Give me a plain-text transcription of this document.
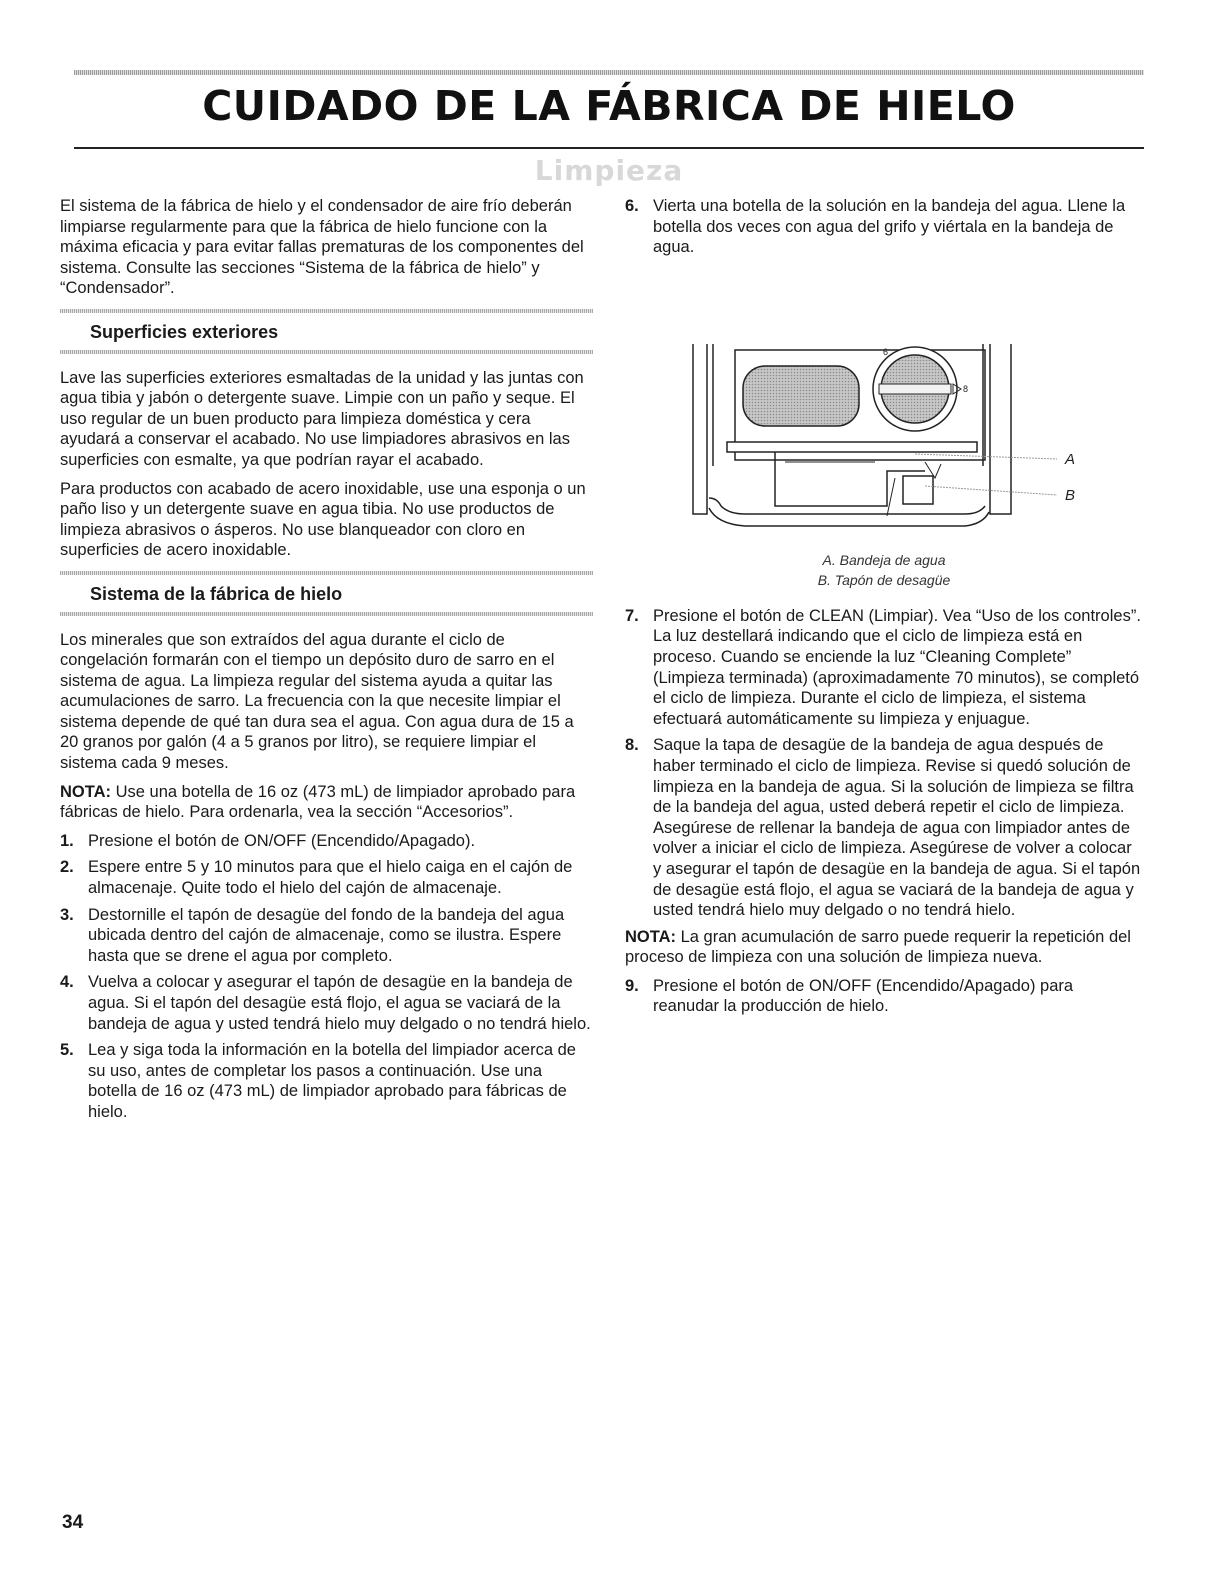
CUIDADO DE LA FÁBRICA DE HIELO
Limpieza

El sistema de la fábrica de hielo y el condensador de aire frío deberán limpiarse regularmente para que la fábrica de hielo funcione con la máxima eficacia y para evitar fallas prematuras de los componentes del sistema. Consulte las secciones “Sistema de la fábrica de hielo” y “Condensador”.

Superficies exteriores

Lave las superficies exteriores esmaltadas de la unidad y las juntas con agua tibia y jabón o detergente suave. Limpie con un paño y seque. El uso regular de un buen producto para limpieza doméstica y cera ayudará a conservar el acabado. No use limpiadores abrasivos en las superficies con esmalte, ya que podrían rayar el acabado.

Para productos con acabado de acero inoxidable, use una esponja o un paño liso y un detergente suave en agua tibia. No use productos de limpieza abrasivos o ásperos. No use blanqueador con cloro en superficies de acero inoxidable.

Sistema de la fábrica de hielo

Los minerales que son extraídos del agua durante el ciclo de congelación formarán con el tiempo un depósito duro de sarro en el sistema de agua. La limpieza regular del sistema ayuda a quitar las acumulaciones de sarro. La frecuencia con la que necesite limpiar el sistema depende de qué tan dura sea el agua. Con agua dura de 15 a 20 granos por galón (4 a 5 granos por litro), se requiere limpiar el sistema cada 9 meses.

NOTA: Use una botella de 16 oz (473 mL) de limpiador aprobado para fábricas de hielo. Para ordenarla, vea la sección “Accesorios”.

1. Presione el botón de ON/OFF (Encendido/Apagado).
2. Espere entre 5 y 10 minutos para que el hielo caiga en el cajón de almacenaje. Quite todo el hielo del cajón de almacenaje.
3. Destornille el tapón de desagüe del fondo de la bandeja del agua ubicada dentro del cajón de almacenaje, como se ilustra. Espere hasta que se drene el agua por completo.
4. Vuelva a colocar y asegurar el tapón de desagüe en la bandeja de agua. Si el tapón del desagüe está flojo, el agua se vaciará de la bandeja de agua y usted tendrá hielo muy delgado o no tendrá hielo.
5. Lea y siga toda la información en la botella del limpiador acerca de su uso, antes de completar los pasos a continuación. Use una botella de 16 oz (473 mL) de limpiador aprobado para fábricas de hielo.
6. Vierta una botella de la solución en la bandeja del agua. Llene la botella dos veces con agua del grifo y viértala en la bandeja de agua.
6
8
A
B
A. Bandeja de agua
B. Tapón de desagüe
7. Presione el botón de CLEAN (Limpiar). Vea “Uso de los controles”. La luz destellará indicando que el ciclo de limpieza está en proceso. Cuando se enciende la luz “Cleaning Complete” (Limpieza terminada) (aproximadamente 70 minutos), se completó el ciclo de limpieza. Durante el ciclo de limpieza, el sistema efectuará automáticamente su limpieza y enjuague.
8. Saque la tapa de desagüe de la bandeja de agua después de haber terminado el ciclo de limpieza. Revise si quedó solución de limpieza en la bandeja de agua. Si la solución de limpieza se filtra de la bandeja del agua, usted deberá repetir el ciclo de limpieza. Asegúrese de rellenar la bandeja de agua con limpiador antes de volver a iniciar el ciclo de limpieza. Asegúrese de volver a colocar y asegurar el tapón de desagüe en la bandeja de agua. Si el tapón de desagüe está flojo, el agua se vaciará de la bandeja de agua y usted tendrá hielo muy delgado o no tendrá hielo.

NOTA: La gran acumulación de sarro puede requerir la repetición del proceso de limpieza con una solución de limpieza nueva.

9. Presione el botón de ON/OFF (Encendido/Apagado) para reanudar la producción de hielo.

34
